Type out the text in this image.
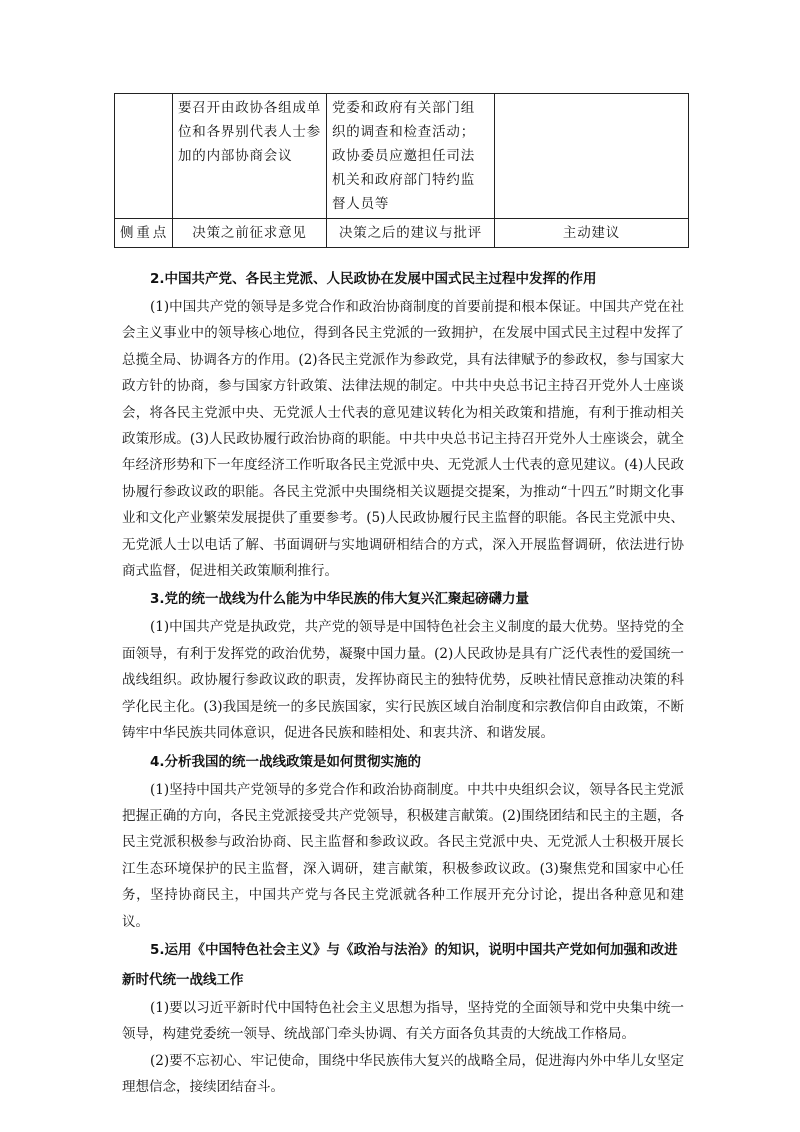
	要召开由政协各组成单位和各界别代表人士参加的内部协商会议	党委和政府有关部门组织的调查和检查活动；政协委员应邀担任司法机关和政府部门特约监督人员等	
侧重点	决策之前征求意见	决策之后的建议与批评	主动建议
2.中国共产党、各民主党派、人民政协在发展中国式民主过程中发挥的作用

(1)中国共产党的领导是多党合作和政治协商制度的首要前提和根本保证。中国共产党在社会主义事业中的领导核心地位，得到各民主党派的一致拥护，在发展中国式民主过程中发挥了总揽全局、协调各方的作用。(2)各民主党派作为参政党，具有法律赋予的参政权，参与国家大政方针的协商，参与国家方针政策、法律法规的制定。中共中央总书记主持召开党外人士座谈会，将各民主党派中央、无党派人士代表的意见建议转化为相关政策和措施，有利于推动相关政策形成。(3)人民政协履行政治协商的职能。中共中央总书记主持召开党外人士座谈会，就全年经济形势和下一年度经济工作听取各民主党派中央、无党派人士代表的意见建议。(4)人民政协履行参政议政的职能。各民主党派中央围绕相关议题提交提案，为推动“十四五”时期文化事业和文化产业繁荣发展提供了重要参考。(5)人民政协履行民主监督的职能。各民主党派中央、无党派人士以电话了解、书面调研与实地调研相结合的方式，深入开展监督调研，依法进行协商式监督，促进相关政策顺利推行。

3.党的统一战线为什么能为中华民族的伟大复兴汇聚起磅礴力量

(1)中国共产党是执政党，共产党的领导是中国特色社会主义制度的最大优势。坚持党的全面领导，有利于发挥党的政治优势，凝聚中国力量。(2)人民政协是具有广泛代表性的爱国统一战线组织。政协履行参政议政的职责，发挥协商民主的独特优势，反映社情民意推动决策的科学化民主化。(3)我国是统一的多民族国家，实行民族区域自治制度和宗教信仰自由政策，不断铸牢中华民族共同体意识，促进各民族和睦相处、和衷共济、和谐发展。

4.分析我国的统一战线政策是如何贯彻实施的

(1)坚持中国共产党领导的多党合作和政治协商制度。中共中央组织会议，领导各民主党派把握正确的方向，各民主党派接受共产党领导，积极建言献策。(2)围绕团结和民主的主题，各民主党派积极参与政治协商、民主监督和参政议政。各民主党派中央、无党派人士积极开展长江生态环境保护的民主监督，深入调研，建言献策，积极参政议政。(3)聚焦党和国家中心任务，坚持协商民主，中国共产党与各民主党派就各种工作展开充分讨论，提出各种意见和建议。

5.运用《中国特色社会主义》与《政治与法治》的知识，说明中国共产党如何加强和改进新时代统一战线工作

(1)要以习近平新时代中国特色社会主义思想为指导，坚持党的全面领导和党中央集中统一领导，构建党委统一领导、统战部门牵头协调、有关方面各负其责的大统战工作格局。

(2)要不忘初心、牢记使命，围绕中华民族伟大复兴的战略全局，促进海内外中华儿女坚定理想信念，接续团结奋斗。
